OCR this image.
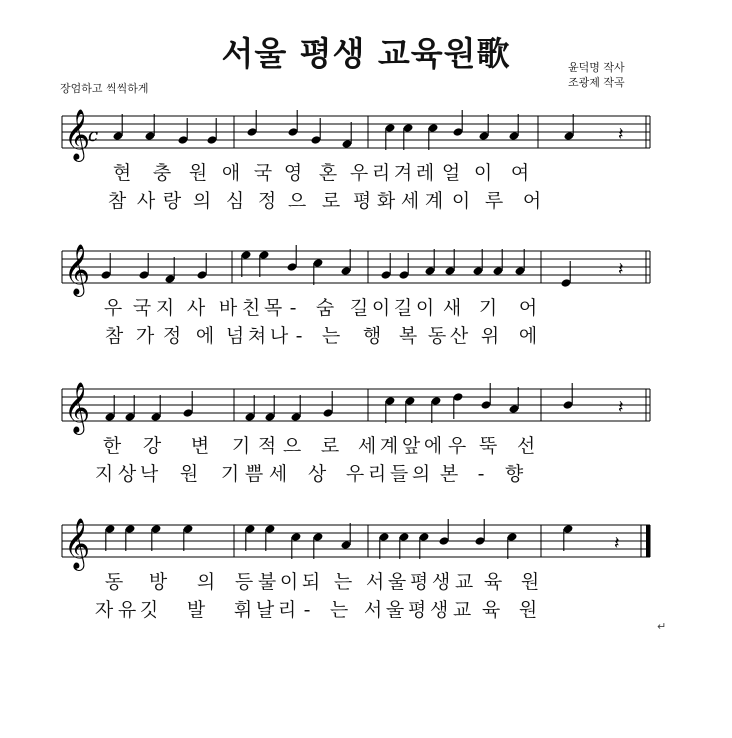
서울 평생 교육원歌	윤덕명 작사
조광제 작곡
장엄하고 씩씩하게
𝄞	𝄽
𝄞	𝄽
𝄞	𝄽
𝄞	𝄽
c
현 충 원 애 국 영 혼 우 리 겨 레 얼 이 여
참 사 랑 의 심 정 으 로 평 화 세 계 이 루 어
우 국 지 사 바 친 목 - 숨 길 이 길 이 새 기 어
참 가 정 에 넘 쳐 나 - 는 행 복 동 산 위 에
한 강 변 기 적 으 로 세 계 앞 에 우 뚝 선
지 상 낙 원 기 쁨 세 상 우 리 들 의 본 - 향
동 방 의 등 불 이 되 는 서 울 평 생 교 육 원
자 유 깃 발 휘 날 리 - 는 서 울 평 생 교 육 원
↵
